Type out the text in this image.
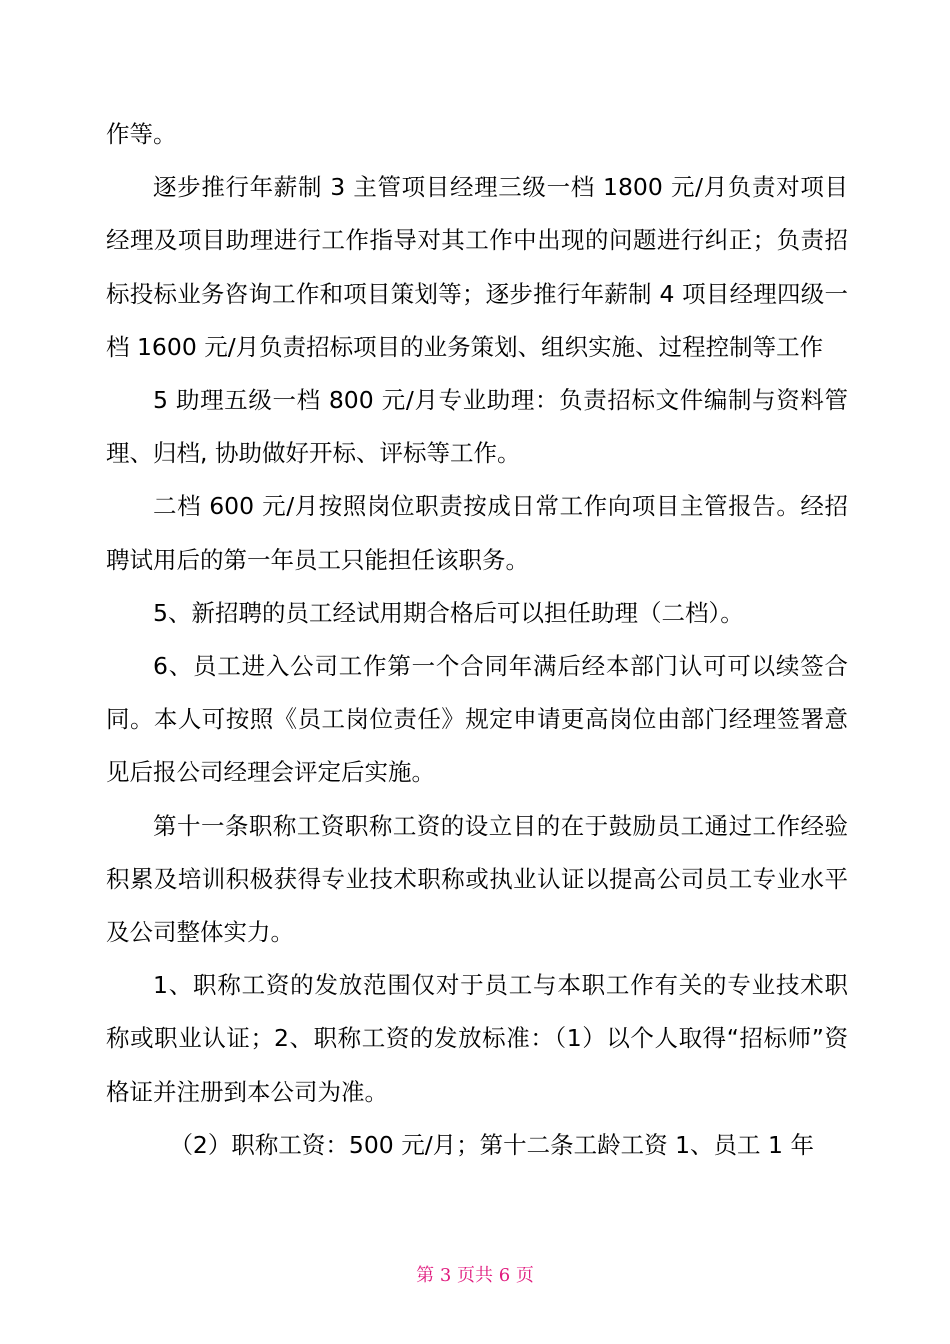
作等。

逐步推行年薪制 3 主管项目经理三级一档 1800 元/月负责对项目经理及项目助理进行工作指导对其工作中出现的问题进行纠正；负责招标投标业务咨询工作和项目策划等；逐步推行年薪制 4 项目经理四级一档 1600 元/月负责招标项目的业务策划、组织实施、过程控制等工作

5 助理五级一档 800 元/月专业助理：负责招标文件编制与资料管理、归档, 协助做好开标、评标等工作。

二档 600 元/月按照岗位职责按成日常工作向项目主管报告。经招聘试用后的第一年员工只能担任该职务。

5、新招聘的员工经试用期合格后可以担任助理（二档）。

6、员工进入公司工作第一个合同年满后经本部门认可可以续签合同。本人可按照《员工岗位责任》规定申请更高岗位由部门经理签署意见后报公司经理会评定后实施。

第十一条职称工资职称工资的设立目的在于鼓励员工通过工作经验积累及培训积极获得专业技术职称或执业认证以提高公司员工专业水平及公司整体实力。

1、职称工资的发放范围仅对于员工与本职工作有关的专业技术职称或职业认证；2、职称工资的发放标准：（1）以个人取得“招标师”资格证并注册到本公司为准。

（2）职称工资：500 元/月；第十二条工龄工资 1、员工 1 年

第 3 页共 6 页
